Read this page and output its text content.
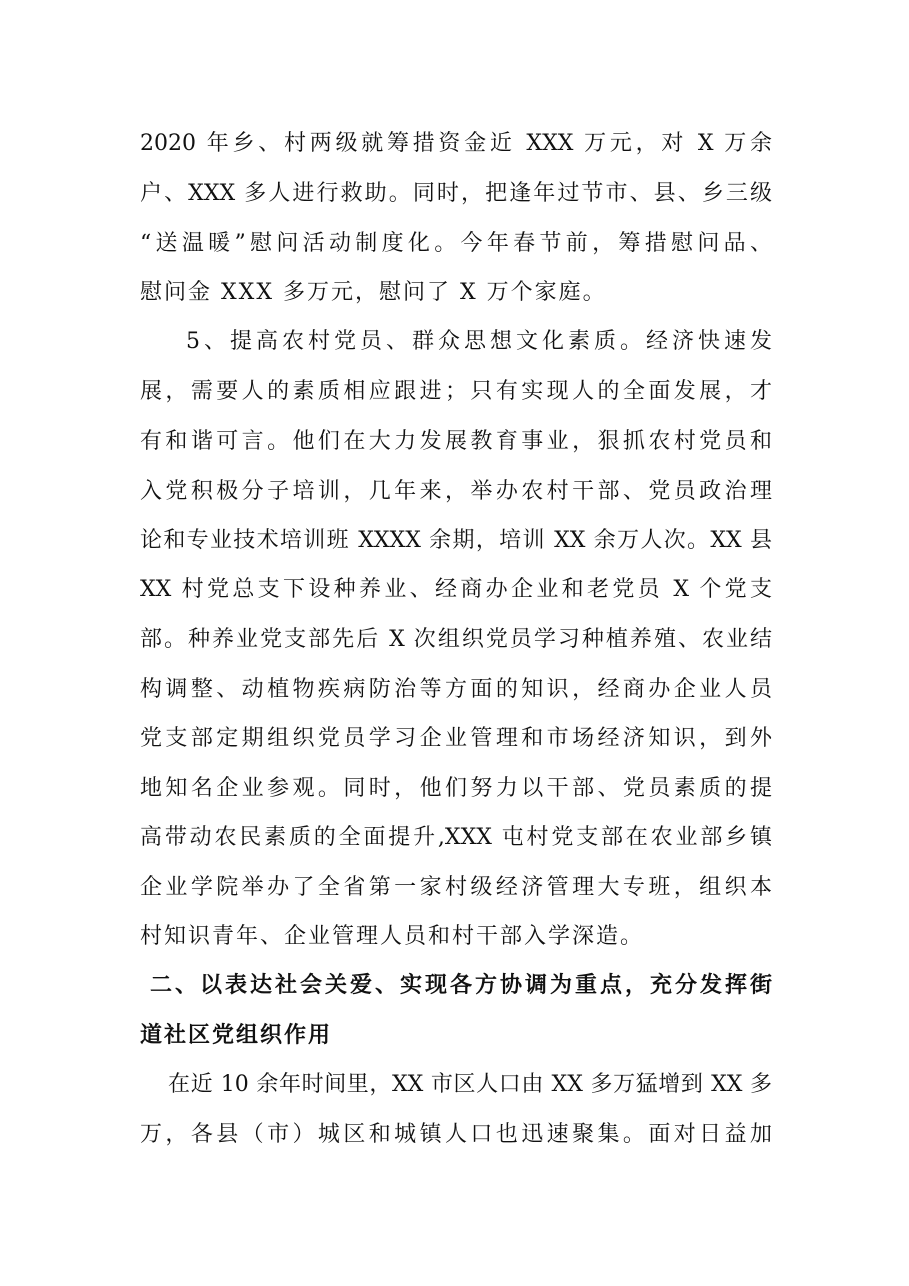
2020 年乡、村两级就筹措资金近 XXX 万元，对 X 万余
户、XXX 多人进行救助。同时，把逢年过节市、县、乡三级
“送温暖”慰问活动制度化。今年春节前，筹措慰问品、
慰问金 XXX 多万元，慰问了 X 万个家庭。
5、提高农村党员、群众思想文化素质。经济快速发
展，需要人的素质相应跟进；只有实现人的全面发展，才
有和谐可言。他们在大力发展教育事业，狠抓农村党员和
入党积极分子培训，几年来，举办农村干部、党员政治理
论和专业技术培训班 XXXX 余期，培训 XX 余万人次。XX 县
XX 村党总支下设种养业、经商办企业和老党员 X 个党支
部。种养业党支部先后 X 次组织党员学习种植养殖、农业结
构调整、动植物疾病防治等方面的知识，经商办企业人员
党支部定期组织党员学习企业管理和市场经济知识，到外
地知名企业参观。同时，他们努力以干部、党员素质的提
高带动农民素质的全面提升,XXX 屯村党支部在农业部乡镇
企业学院举办了全省第一家村级经济管理大专班，组织本
村知识青年、企业管理人员和村干部入学深造。
二、以表达社会关爱、实现各方协调为重点，充分发挥街
道社区党组织作用
在近 10 余年时间里，XX 市区人口由 XX 多万猛增到 XX 多
万，各县（市）城区和城镇人口也迅速聚集。面对日益加
